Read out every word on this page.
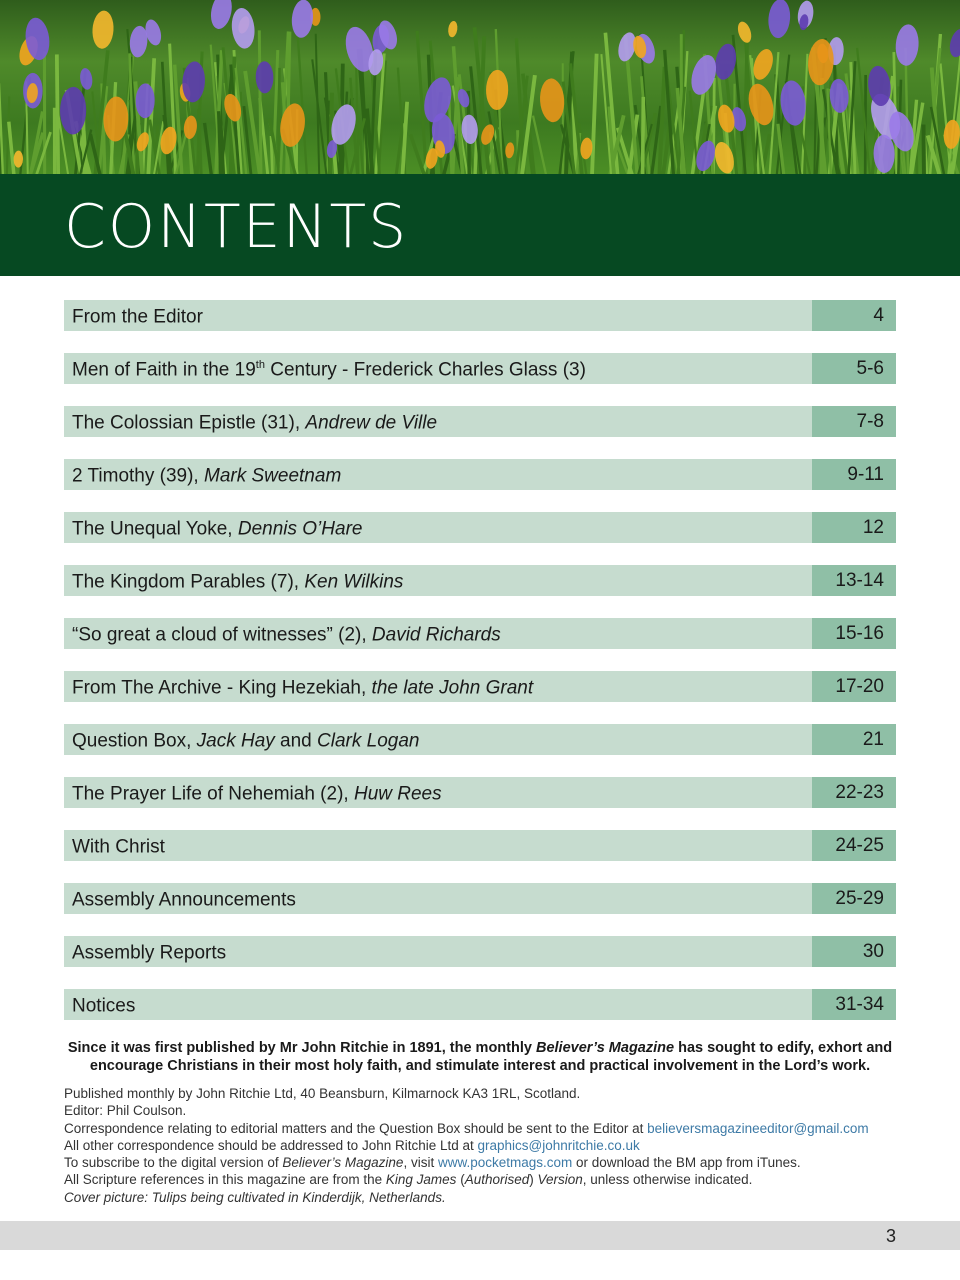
CONTENTS
From the Editor	4
Men of Faith in the 19th Century - Frederick Charles Glass (3)	5-6
The Colossian Epistle (31), Andrew de Ville	7-8
2 Timothy (39), Mark Sweetnam	9-11
The Unequal Yoke, Dennis O’Hare	12
The Kingdom Parables (7), Ken Wilkins	13-14
“So great a cloud of witnesses” (2), David Richards	15-16
From The Archive - King Hezekiah, the late John Grant	17-20
Question Box, Jack Hay and Clark Logan	21
The Prayer Life of Nehemiah (2), Huw Rees	22-23
With Christ	24-25
Assembly Announcements	25-29
Assembly Reports	30
Notices	31-34
Since it was first published by Mr John Ritchie in 1891, the monthly Believer’s Magazine has sought to edify, exhort and encourage Christians in their most holy faith, and stimulate interest and practical involvement in the Lord’s work.
Published monthly by John Ritchie Ltd, 40 Beansburn, Kilmarnock KA3 1RL, Scotland.
Editor: Phil Coulson.
Correspondence relating to editorial matters and the Question Box should be sent to the Editor at believersmagazineeditor@gmail.com
All other correspondence should be addressed to John Ritchie Ltd at graphics@johnritchie.co.uk
To subscribe to the digital version of Believer’s Magazine, visit www.pocketmags.com or download the BM app from iTunes.
All Scripture references in this magazine are from the King James (Authorised) Version, unless otherwise indicated.
Cover picture: Tulips being cultivated in Kinderdijk, Netherlands.
3
